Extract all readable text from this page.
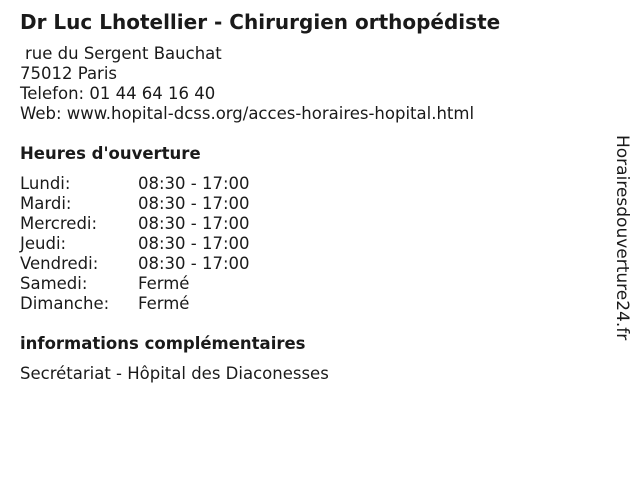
Dr Luc Lhotellier - Chirurgien orthopédiste
rue du Sergent Bauchat
75012 Paris
Telefon: 01 44 64 16 40
Web: www.hopital-dcss.org/acces-horaires-hopital.html
Heures d'ouverture
Lundi:	08:30 - 17:00
Mardi:	08:30 - 17:00
Mercredi:	08:30 - 17:00
Jeudi:	08:30 - 17:00
Vendredi:	08:30 - 17:00
Samedi:	Fermé
Dimanche:	Fermé
informations complémentaires
Secrétariat - Hôpital des Diaconesses
Horairesdouverture24.fr
